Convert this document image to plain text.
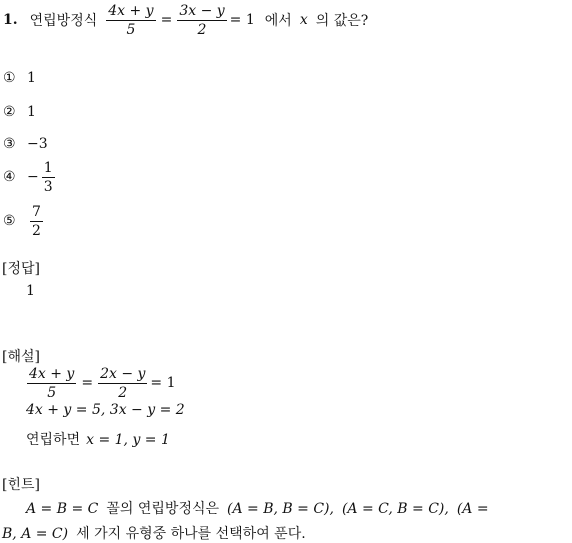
1. 연립방정식 $\frac{4x + y}{5} = \frac{3x - y}{2} = 1$ 에서 x 의 값은?
① 1
② 1
③ −3
④ − $\frac{1}{3}$
⑤	$\frac{7}{2}$
[정답]
1
[해설]
$\frac{4x + y}{5} = \frac{2x - y}{2} = 1$
4x + y = 5, 3x − y = 2
연립하면 x = 1, y = 1
[힌트]
A = B = C 꼴의 연립방정식은 (A = B, B = C), (A = C, B = C), (A =
B, A = C) 세 가지 유형중 하나를 선택하여 푼다.
